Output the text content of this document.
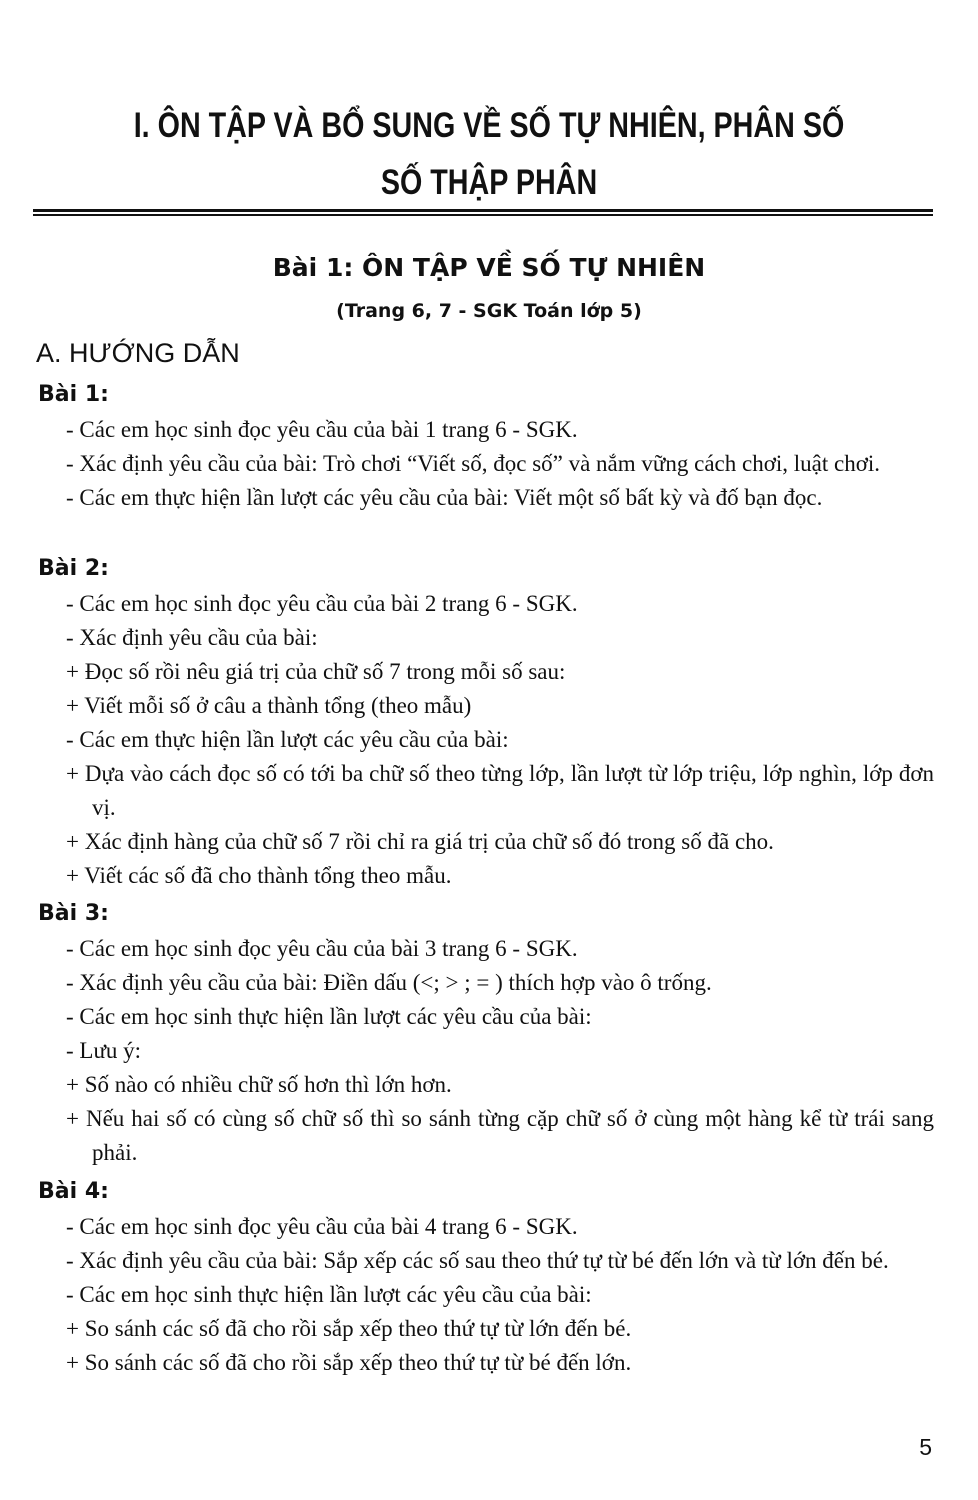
I. ÔN TẬP VÀ BỔ SUNG VỀ SỐ TỰ NHIÊN, PHÂN SỐ
SỐ THẬP PHÂN
Bài 1: ÔN TẬP VỀ SỐ TỰ NHIÊN
(Trang 6, 7 - SGK Toán lớp 5)
A. HƯỚNG DẪN
Bài 1:
- Các em học sinh đọc yêu cầu của bài 1 trang 6 - SGK.
- Xác định yêu cầu của bài: Trò chơi “Viết số, đọc số” và nắm vững cách chơi, luật chơi.
- Các em thực hiện lần lượt các yêu cầu của bài: Viết một số bất kỳ và đố bạn đọc.
Bài 2:
- Các em học sinh đọc yêu cầu của bài 2 trang 6 - SGK.
- Xác định yêu cầu của bài:
+ Đọc số rồi nêu giá trị của chữ số 7 trong mỗi số sau:
+ Viết mỗi số ở câu a thành tổng (theo mẫu)
- Các em thực hiện lần lượt các yêu cầu của bài:
+ Dựa vào cách đọc số có tới ba chữ số theo từng lớp, lần lượt từ lớp triệu, lớp nghìn, lớp đơn vị.
+ Xác định hàng của chữ số 7 rồi chỉ ra giá trị của chữ số đó trong số đã cho.
+ Viết các số đã cho thành tổng theo mẫu.
Bài 3:
- Các em học sinh đọc yêu cầu của bài 3 trang 6 - SGK.
- Xác định yêu cầu của bài: Điền dấu (<; > ; = ) thích hợp vào ô trống.
- Các em học sinh thực hiện lần lượt các yêu cầu của bài:
- Lưu ý:
+ Số nào có nhiều chữ số hơn thì lớn hơn.
+ Nếu hai số có cùng số chữ số thì so sánh từng cặp chữ số ở cùng một hàng kể từ trái sang phải.
Bài 4:
- Các em học sinh đọc yêu cầu của bài 4 trang 6 - SGK.
- Xác định yêu cầu của bài: Sắp xếp các số sau theo thứ tự từ bé đến lớn và từ lớn đến bé.
- Các em học sinh thực hiện lần lượt các yêu cầu của bài:
+ So sánh các số đã cho rồi sắp xếp theo thứ tự từ lớn đến bé.
+ So sánh các số đã cho rồi sắp xếp theo thứ tự từ bé đến lớn.
5
